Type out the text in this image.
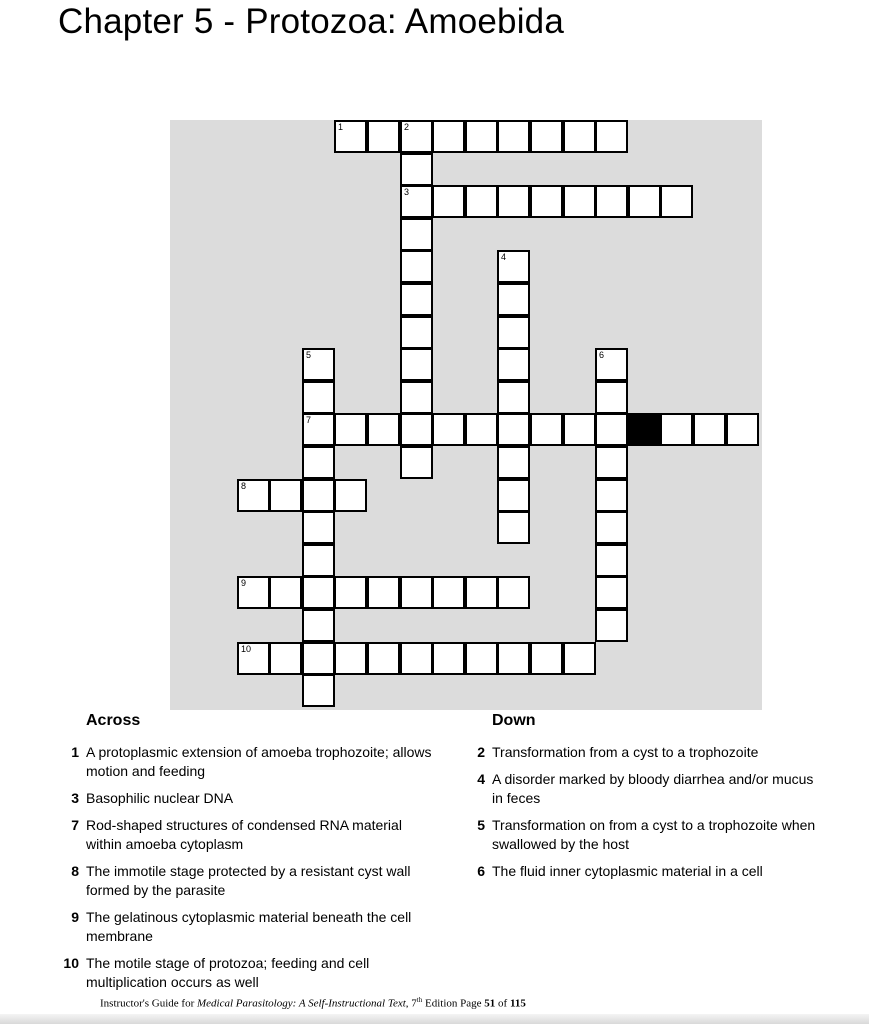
Chapter 5 - Protozoa: Amoebida
1	2
3
4
5
7
6
8
9
10
Across	Down
1 A protoplasmic extension of amoeba trophozoite; allows motion and feeding
3 Basophilic nuclear DNA
7 Rod-shaped structures of condensed RNA material within amoeba cytoplasm
8 The immotile stage protected by a resistant cyst wall formed by the parasite
9 The gelatinous cytoplasmic material beneath the cell membrane
10 The motile stage of protozoa; feeding and cell multiplication occurs as well
2 Transformation from a cyst to a trophozoite
4 A disorder marked by bloody diarrhea and/or mucus in feces
5 Transformation on from a cyst to a trophozoite when swallowed by the host
6 The fluid inner cytoplasmic material in a cell
Instructor's Guide for Medical Parasitology: A Self-Instructional Text, 7th Edition Page 51 of 115
